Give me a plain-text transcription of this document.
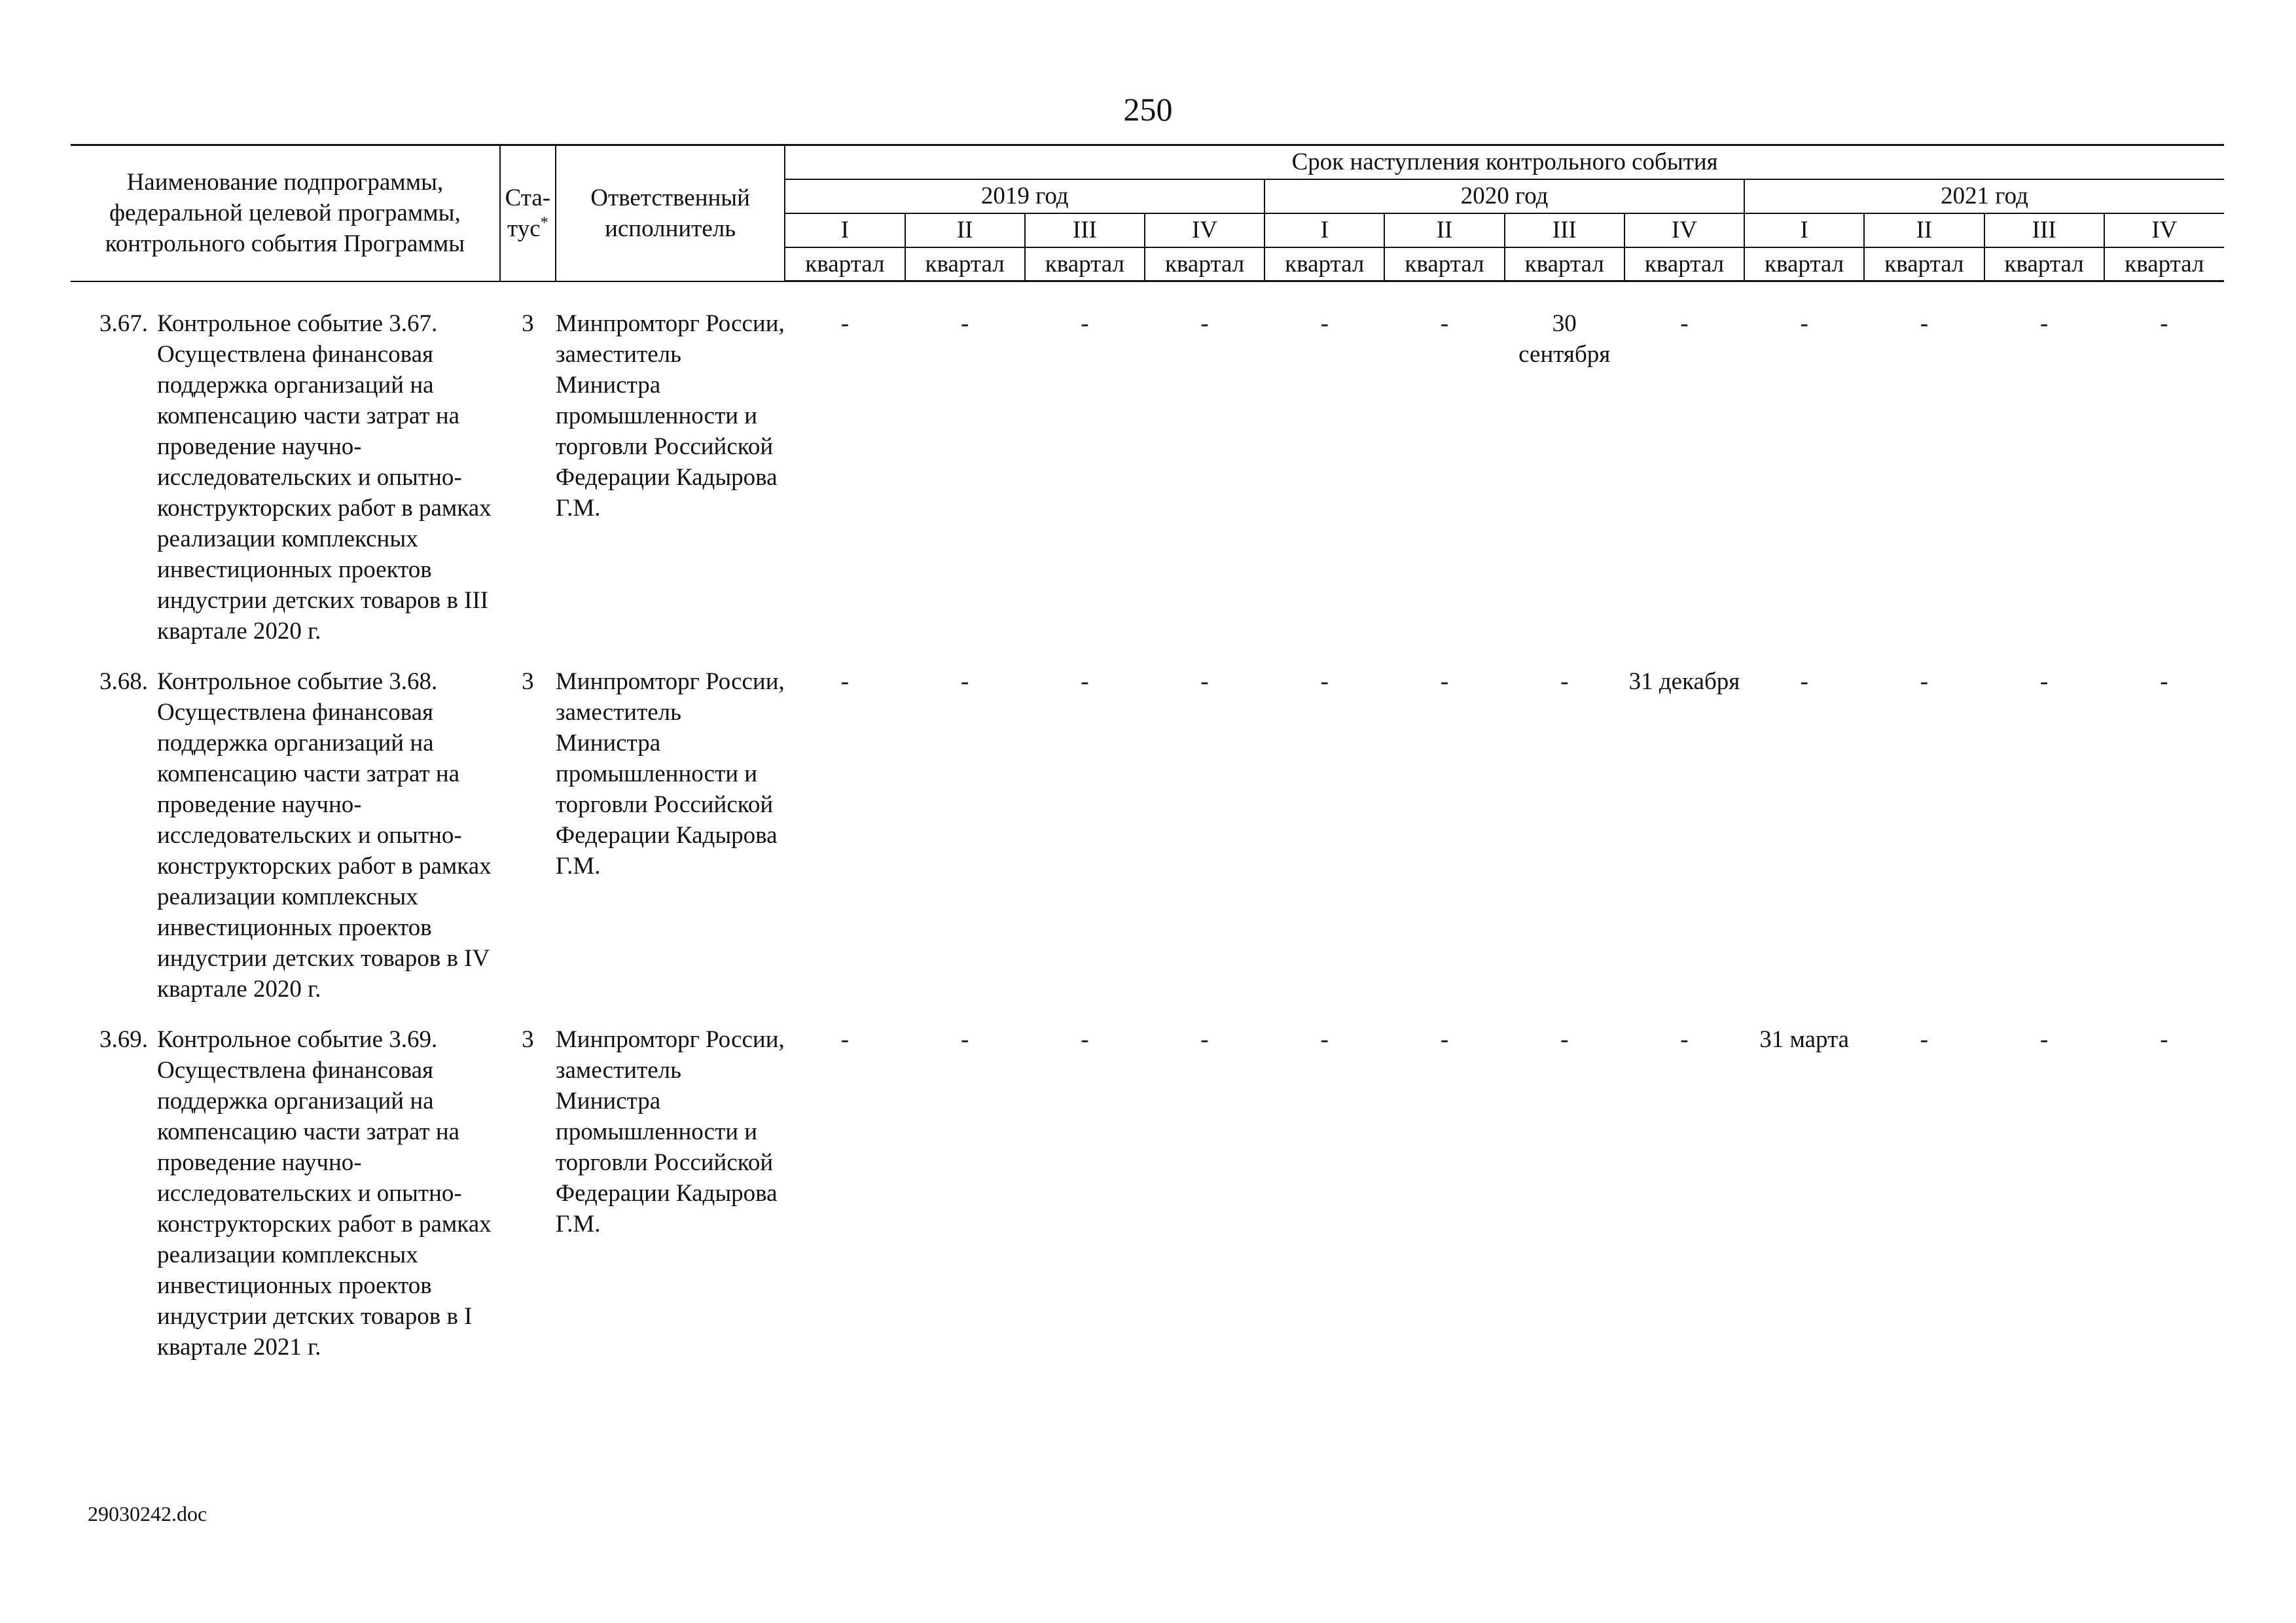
250
Наименование подпрограммы, федеральной целевой программы, контрольного события Программы	Ста-тус*	Ответственный исполнитель	Срок наступления контрольного события											
			2019 год				2020 год				2021 год			
			I	II	III	IV	I	II	III	IV	I	II	III	IV
			квартал	квартал	квартал	квартал	квартал	квартал	квартал	квартал	квартал	квартал	квартал	квартал

3.67. Контрольное событие 3.67. Осуществлена финансовая поддержка организаций на компенсацию части затрат на проведение научно-исследовательских и опытно-конструкторских работ в рамках реализации комплексных инвестиционных проектов индустрии детских товаров в III квартале 2020 г.	3	Минпромторг России, заместитель Министра промышленности и торговли Российской Федерации Кадырова Г.М.	-	-	-	-	-	-	30 сентября	-	-	-	-	-

3.68. Контрольное событие 3.68. Осуществлена финансовая поддержка организаций на компенсацию части затрат на проведение научно-исследовательских и опытно-конструкторских работ в рамках реализации комплексных инвестиционных проектов индустрии детских товаров в IV квартале 2020 г.	3	Минпромторг России, заместитель Министра промышленности и торговли Российской Федерации Кадырова Г.М.	-	-	-	-	-	-	-	31 декабря	-	-	-	-

3.69. Контрольное событие 3.69. Осуществлена финансовая поддержка организаций на компенсацию части затрат на проведение научно-исследовательских и опытно-конструкторских работ в рамках реализации комплексных инвестиционных проектов индустрии детских товаров в I квартале 2021 г.	3	Минпромторг России, заместитель Министра промышленности и торговли Российской Федерации Кадырова Г.М.	-	-	-	-	-	-	-	-	31 марта	-	-	-
29030242.doc
